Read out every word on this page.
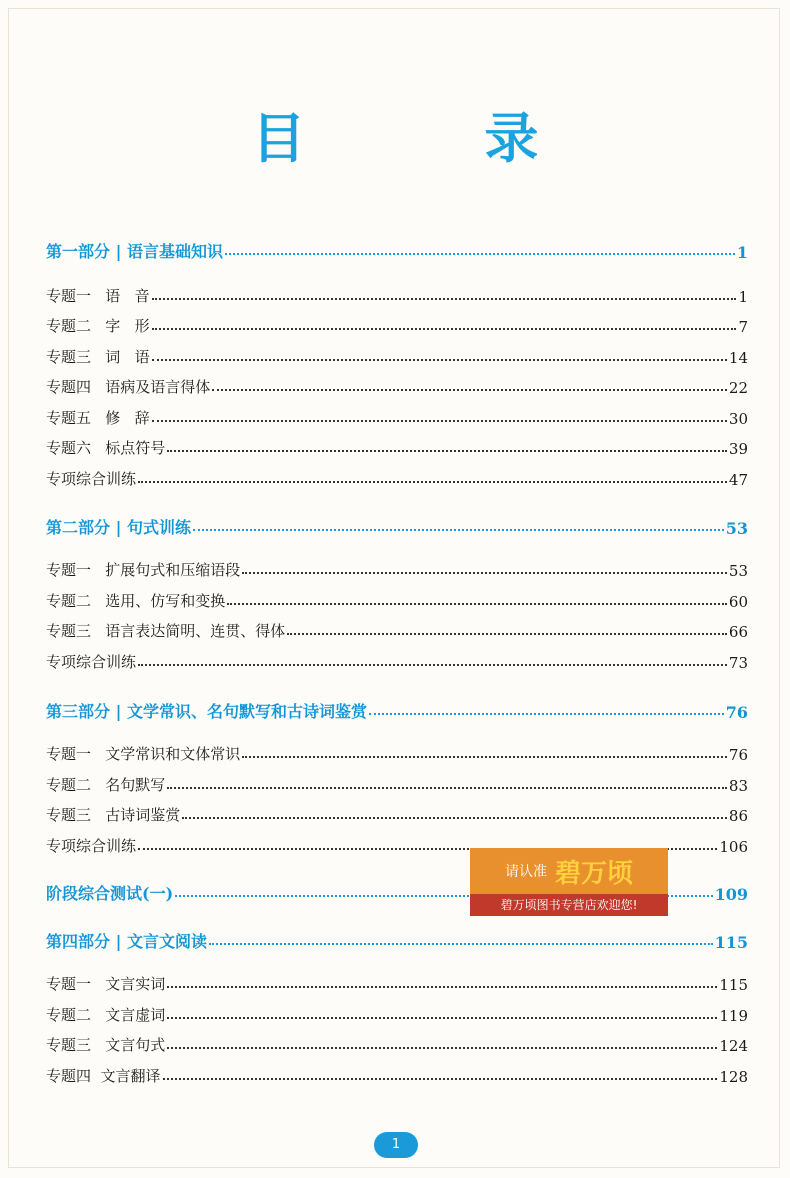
目 录
第一部分 | 语言基础知识	1
专题一   语   音	1
专题二   字   形	7
专题三   词   语	14
专题四   语病及语言得体	22
专题五   修   辞	30
专题六   标点符号	39
专项综合训练	47
第二部分 | 句式训练	53
专题一   扩展句式和压缩语段	53
专题二   选用、仿写和变换	60
专题三   语言表达简明、连贯、得体	66
专项综合训练	73
第三部分 | 文学常识、名句默写和古诗词鉴赏	76
专题一   文学常识和文体常识	76
专题二   名句默写	83
专题三   古诗词鉴赏	86
专项综合训练	106
阶段综合测试(一)	109
第四部分 | 文言文阅读	115
专题一   文言实词	115
专题二   文言虚词	119
专题三   文言句式	124
专题四  文言翻译	128
请认准 碧万顷
碧万顷图书专营店欢迎您!
1
